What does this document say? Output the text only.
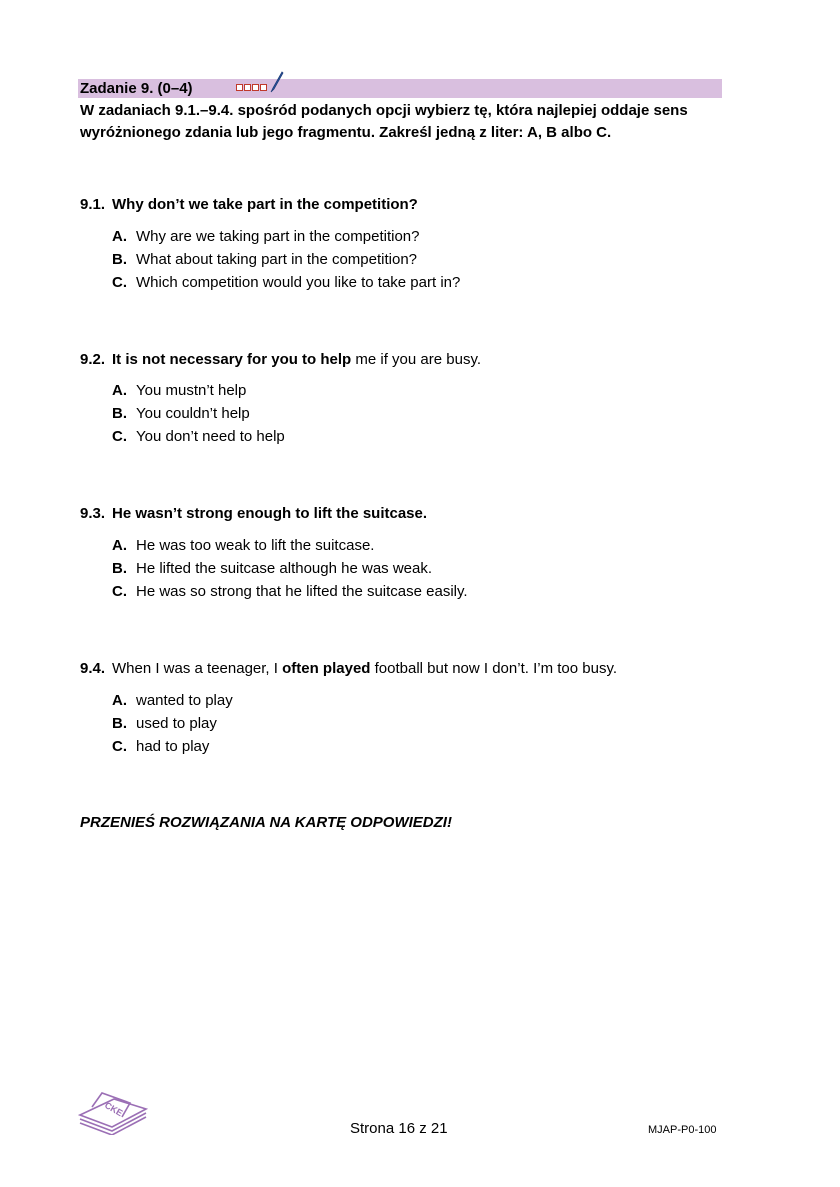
Zadanie 9. (0–4)
W zadaniach 9.1.–9.4. spośród podanych opcji wybierz tę, która najlepiej oddaje sens wyróżnionego zdania lub jego fragmentu. Zakreśl jedną z liter: A, B albo C.
9.1. Why don’t we take part in the competition?
A. Why are we taking part in the competition?
B. What about taking part in the competition?
C. Which competition would you like to take part in?
9.2. It is not necessary for you to help me if you are busy.
A. You mustn’t help
B. You couldn’t help
C. You don’t need to help
9.3. He wasn’t strong enough to lift the suitcase.
A. He was too weak to lift the suitcase.
B. He lifted the suitcase although he was weak.
C. He was so strong that he lifted the suitcase easily.
9.4. When I was a teenager, I often played football but now I don’t. I’m too busy.
A. wanted to play
B. used to play
C. had to play
PRZENIEŚ ROZWIĄZANIA NA KARTĘ ODPOWIEDZI!
CKE
Strona 16 z 21	MJAP-P0-100
